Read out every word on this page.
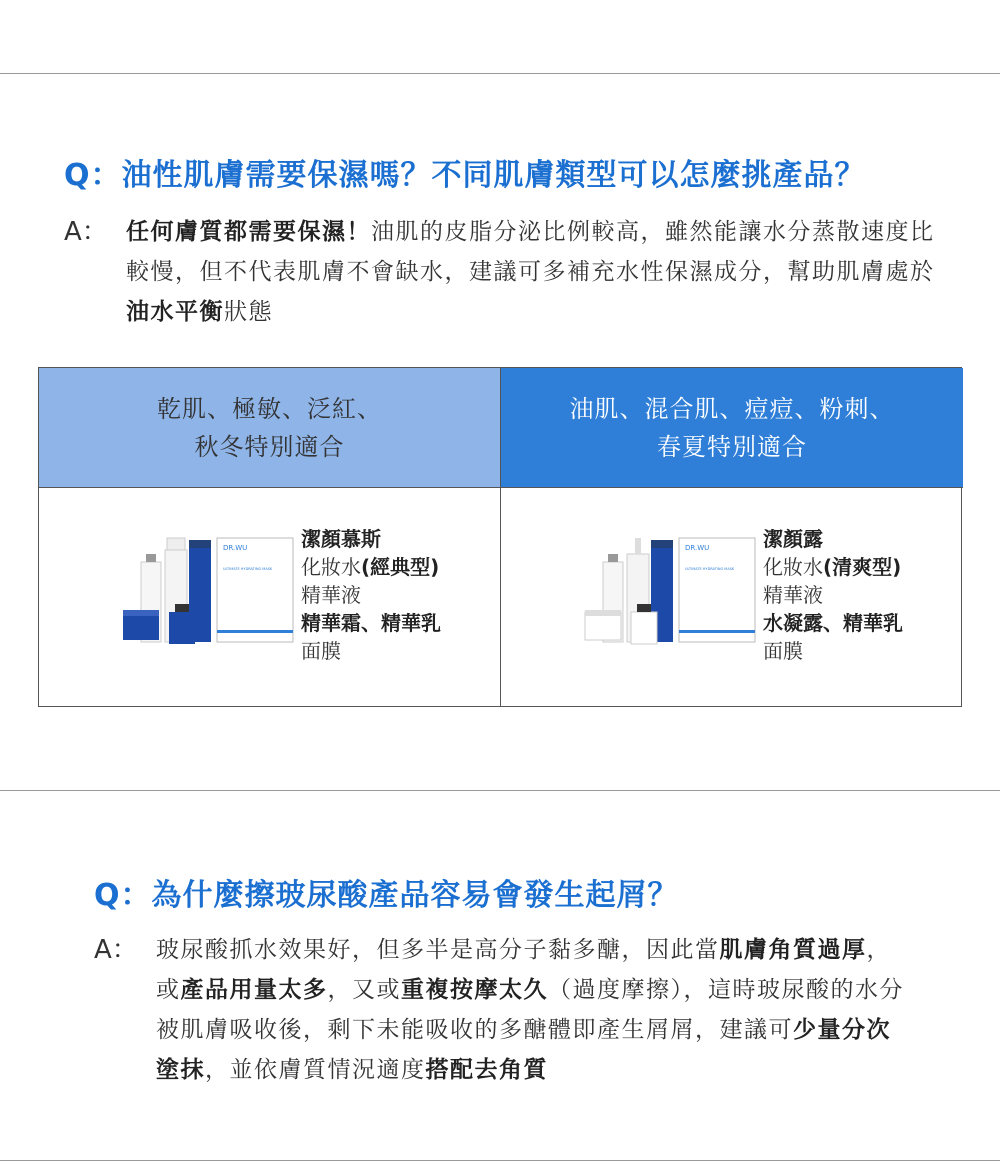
Q：油性肌膚需要保濕嗎？不同肌膚類型可以怎麼挑產品？
A： 任何膚質都需要保濕！油肌的皮脂分泌比例較高，雖然能讓水分蒸散速度比較慢，但不代表肌膚不會缺水，建議可多補充水性保濕成分，幫助肌膚處於油水平衡狀態
乾肌、極敏、泛紅、
秋冬特別適合
油肌、混合肌、痘痘、粉刺、
春夏特別適合
DR.WU
ULTIMATE HYDRATING MASK
潔顏慕斯
化妝水(經典型)
精華液
精華霜、精華乳
面膜
DR.WU
ULTIMATE HYDRATING MASK
潔顏露
化妝水(清爽型)
精華液
水凝露、精華乳
面膜
Q：為什麼擦玻尿酸產品容易會發生起屑？
A： 玻尿酸抓水效果好，但多半是高分子黏多醣，因此當肌膚角質過厚，或產品用量太多，又或重複按摩太久（過度摩擦），這時玻尿酸的水分被肌膚吸收後，剩下未能吸收的多醣體即產生屑屑，建議可少量分次塗抹，並依膚質情況適度搭配去角質
